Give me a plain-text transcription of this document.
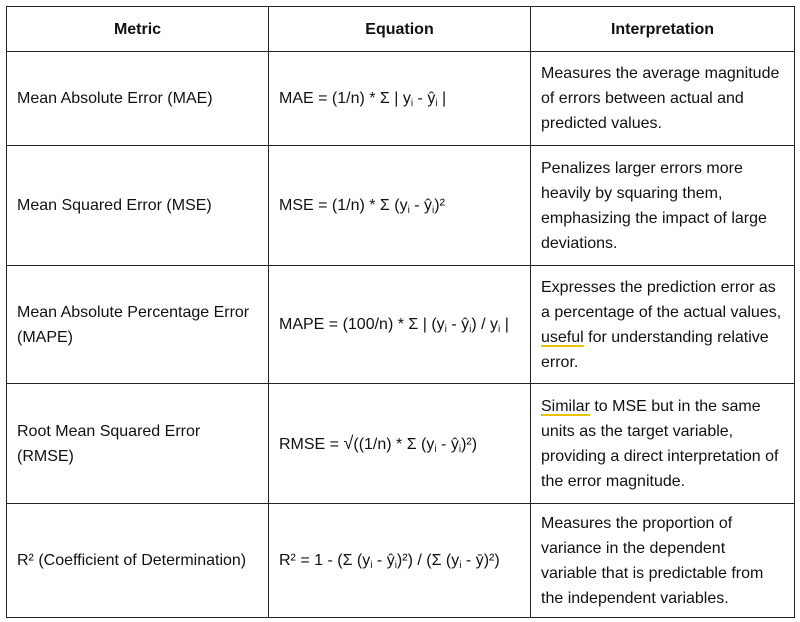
Metric	Equation	Interpretation
Mean Absolute Error (MAE)	MAE = (1/n) * Σ | $y_i$ - $ŷ_i$ |	Measures the average magnitude of errors between actual and predicted values.
Mean Squared Error (MSE)	MSE = (1/n) * Σ ($y_i$ - $ŷ_i)^2$	Penalizes larger errors more heavily by squaring them, emphasizing the impact of large deviations.
Mean Absolute Percentage Error (MAPE)	MAPE = (100/n) * Σ | ($y_i$ - $ŷ_i) / y_i$ |	Expresses the prediction error as a percentage of the actual values, useful for understanding relative error.
Root Mean Squared Error (RMSE)	RMSE = √((1/n) * Σ ($y_i$ - $ŷ_i)^2$)	Similar to MSE but in the same units as the target variable, providing a direct interpretation of the error magnitude.
R² (Coefficient of Determination)	R² = 1 - (Σ ($y_i$ - $ŷ_i)^2) / (\Sigma$ ($y_i$ - ȳ)²)	Measures the proportion of variance in the dependent variable that is predictable from the independent variables.
